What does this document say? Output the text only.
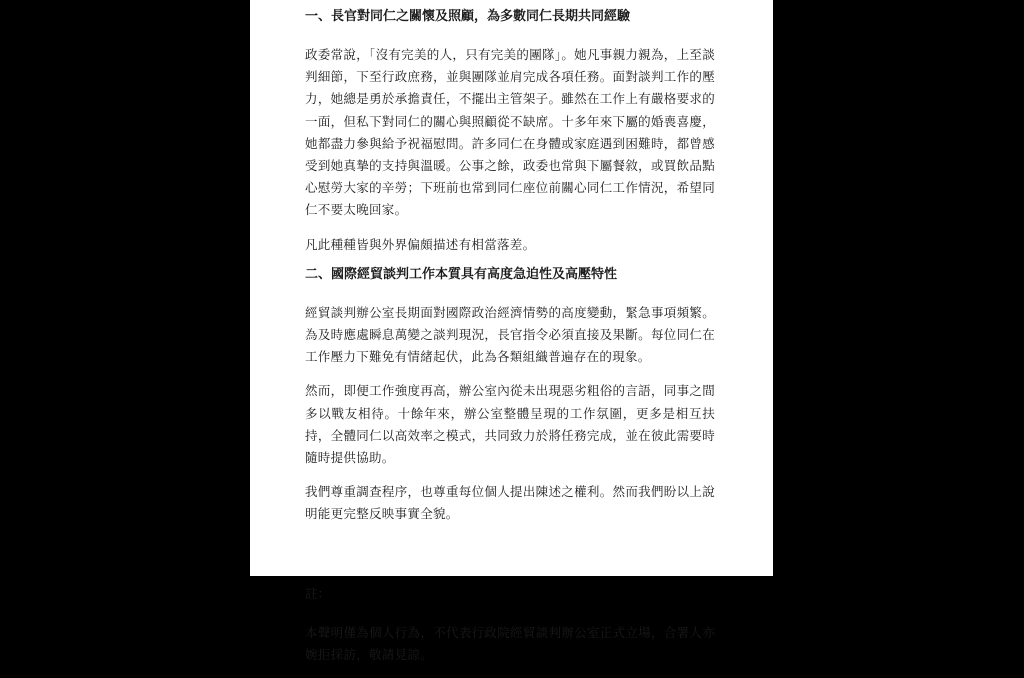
一、長官對同仁之關懷及照顧，為多數同仁長期共同經驗

政委常說，「沒有完美的人，只有完美的團隊」。她凡事親力親為，上至談判細節，下至行政庶務，並與團隊並肩完成各項任務。面對談判工作的壓力，她總是勇於承擔責任，不擺出主管架子。雖然在工作上有嚴格要求的一面，但私下對同仁的關心與照顧從不缺席。十多年來下屬的婚喪喜慶，她都盡力參與給予祝福慰問。許多同仁在身體或家庭遇到困難時，都曾感受到她真摯的支持與溫暖。公事之餘，政委也常與下屬餐敘，或買飲品點心慰勞大家的辛勞；下班前也常到同仁座位前關心同仁工作情況，希望同仁不要太晚回家。

凡此種種皆與外界偏頗描述有相當落差。

二、國際經貿談判工作本質具有高度急迫性及高壓特性

經貿談判辦公室長期面對國際政治經濟情勢的高度變動，緊急事項頻繁。為及時應處瞬息萬變之談判現況，長官指令必須直接及果斷。每位同仁在工作壓力下難免有情緒起伏，此為各類組織普遍存在的現象。

然而，即便工作強度再高，辦公室內從未出現惡劣粗俗的言語，同事之間多以戰友相待。十餘年來，辦公室整體呈現的工作氛圍，更多是相互扶持，全體同仁以高效率之模式，共同致力於將任務完成，並在彼此需要時隨時提供協助。

我們尊重調查程序，也尊重每位個人提出陳述之權利。然而我們盼以上說明能更完整反映事實全貌。

註：

本聲明僅為個人行為，不代表行政院經貿談判辦公室正式立場，合署人亦婉拒採訪，敬請見諒。
